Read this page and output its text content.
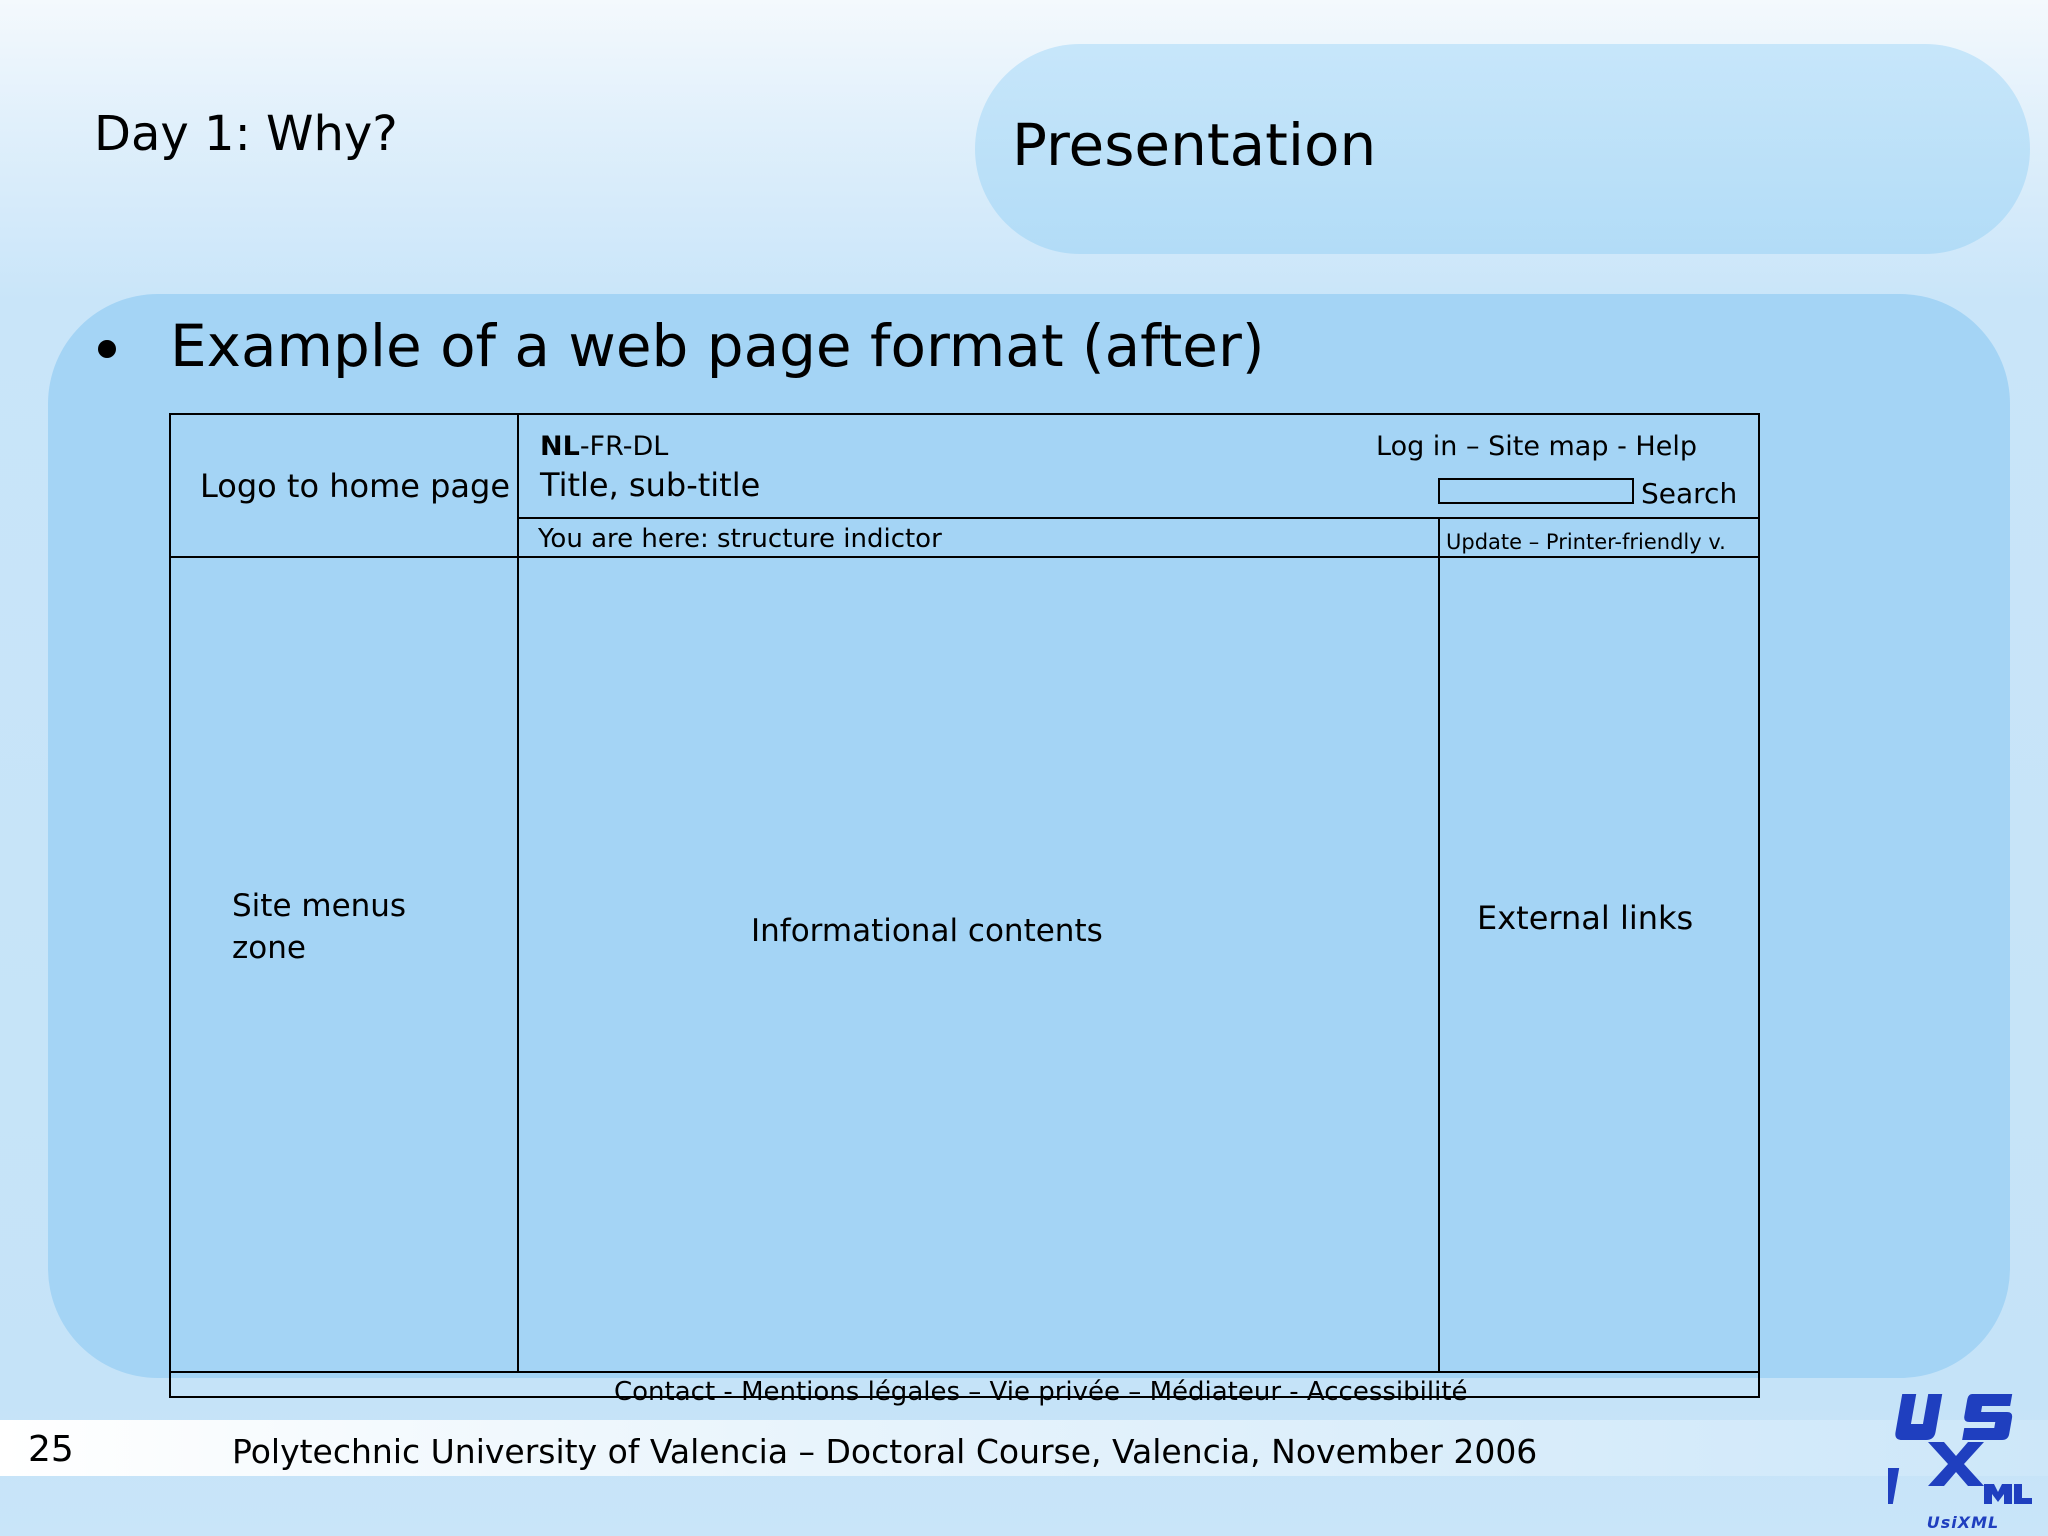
Day 1: Why?	Presentation
Example of a web page format (after)
Logo to home page
NL-FR-DL
Title, sub-title
Log in – Site map - Help
Search
You are here: structure indictor	Update – Printer-friendly v.
Site menus
zone	Informational contents	External links
Contact - Mentions légales – Vie privée – Médiateur - Accessibilité
25	Polytechnic University of Valencia – Doctoral Course, Valencia, November 2006
UsiXML
